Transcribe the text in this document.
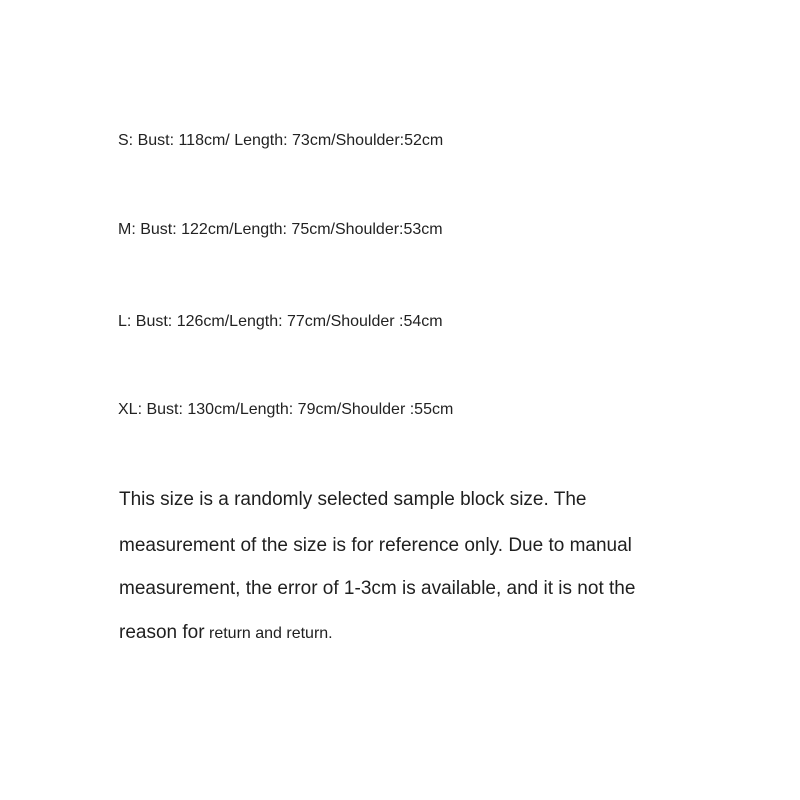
S: Bust: 118cm/ Length: 73cm/Shoulder:52cm
M: Bust: 122cm/Length: 75cm/Shoulder:53cm
L: Bust: 126cm/Length: 77cm/Shoulder :54cm
XL: Bust: 130cm/Length: 79cm/Shoulder :55cm
This size is a randomly selected sample block size. The
measurement of the size is for reference only. Due to manual
measurement, the error of 1-3cm is available, and it is not the
reason for return and return.
